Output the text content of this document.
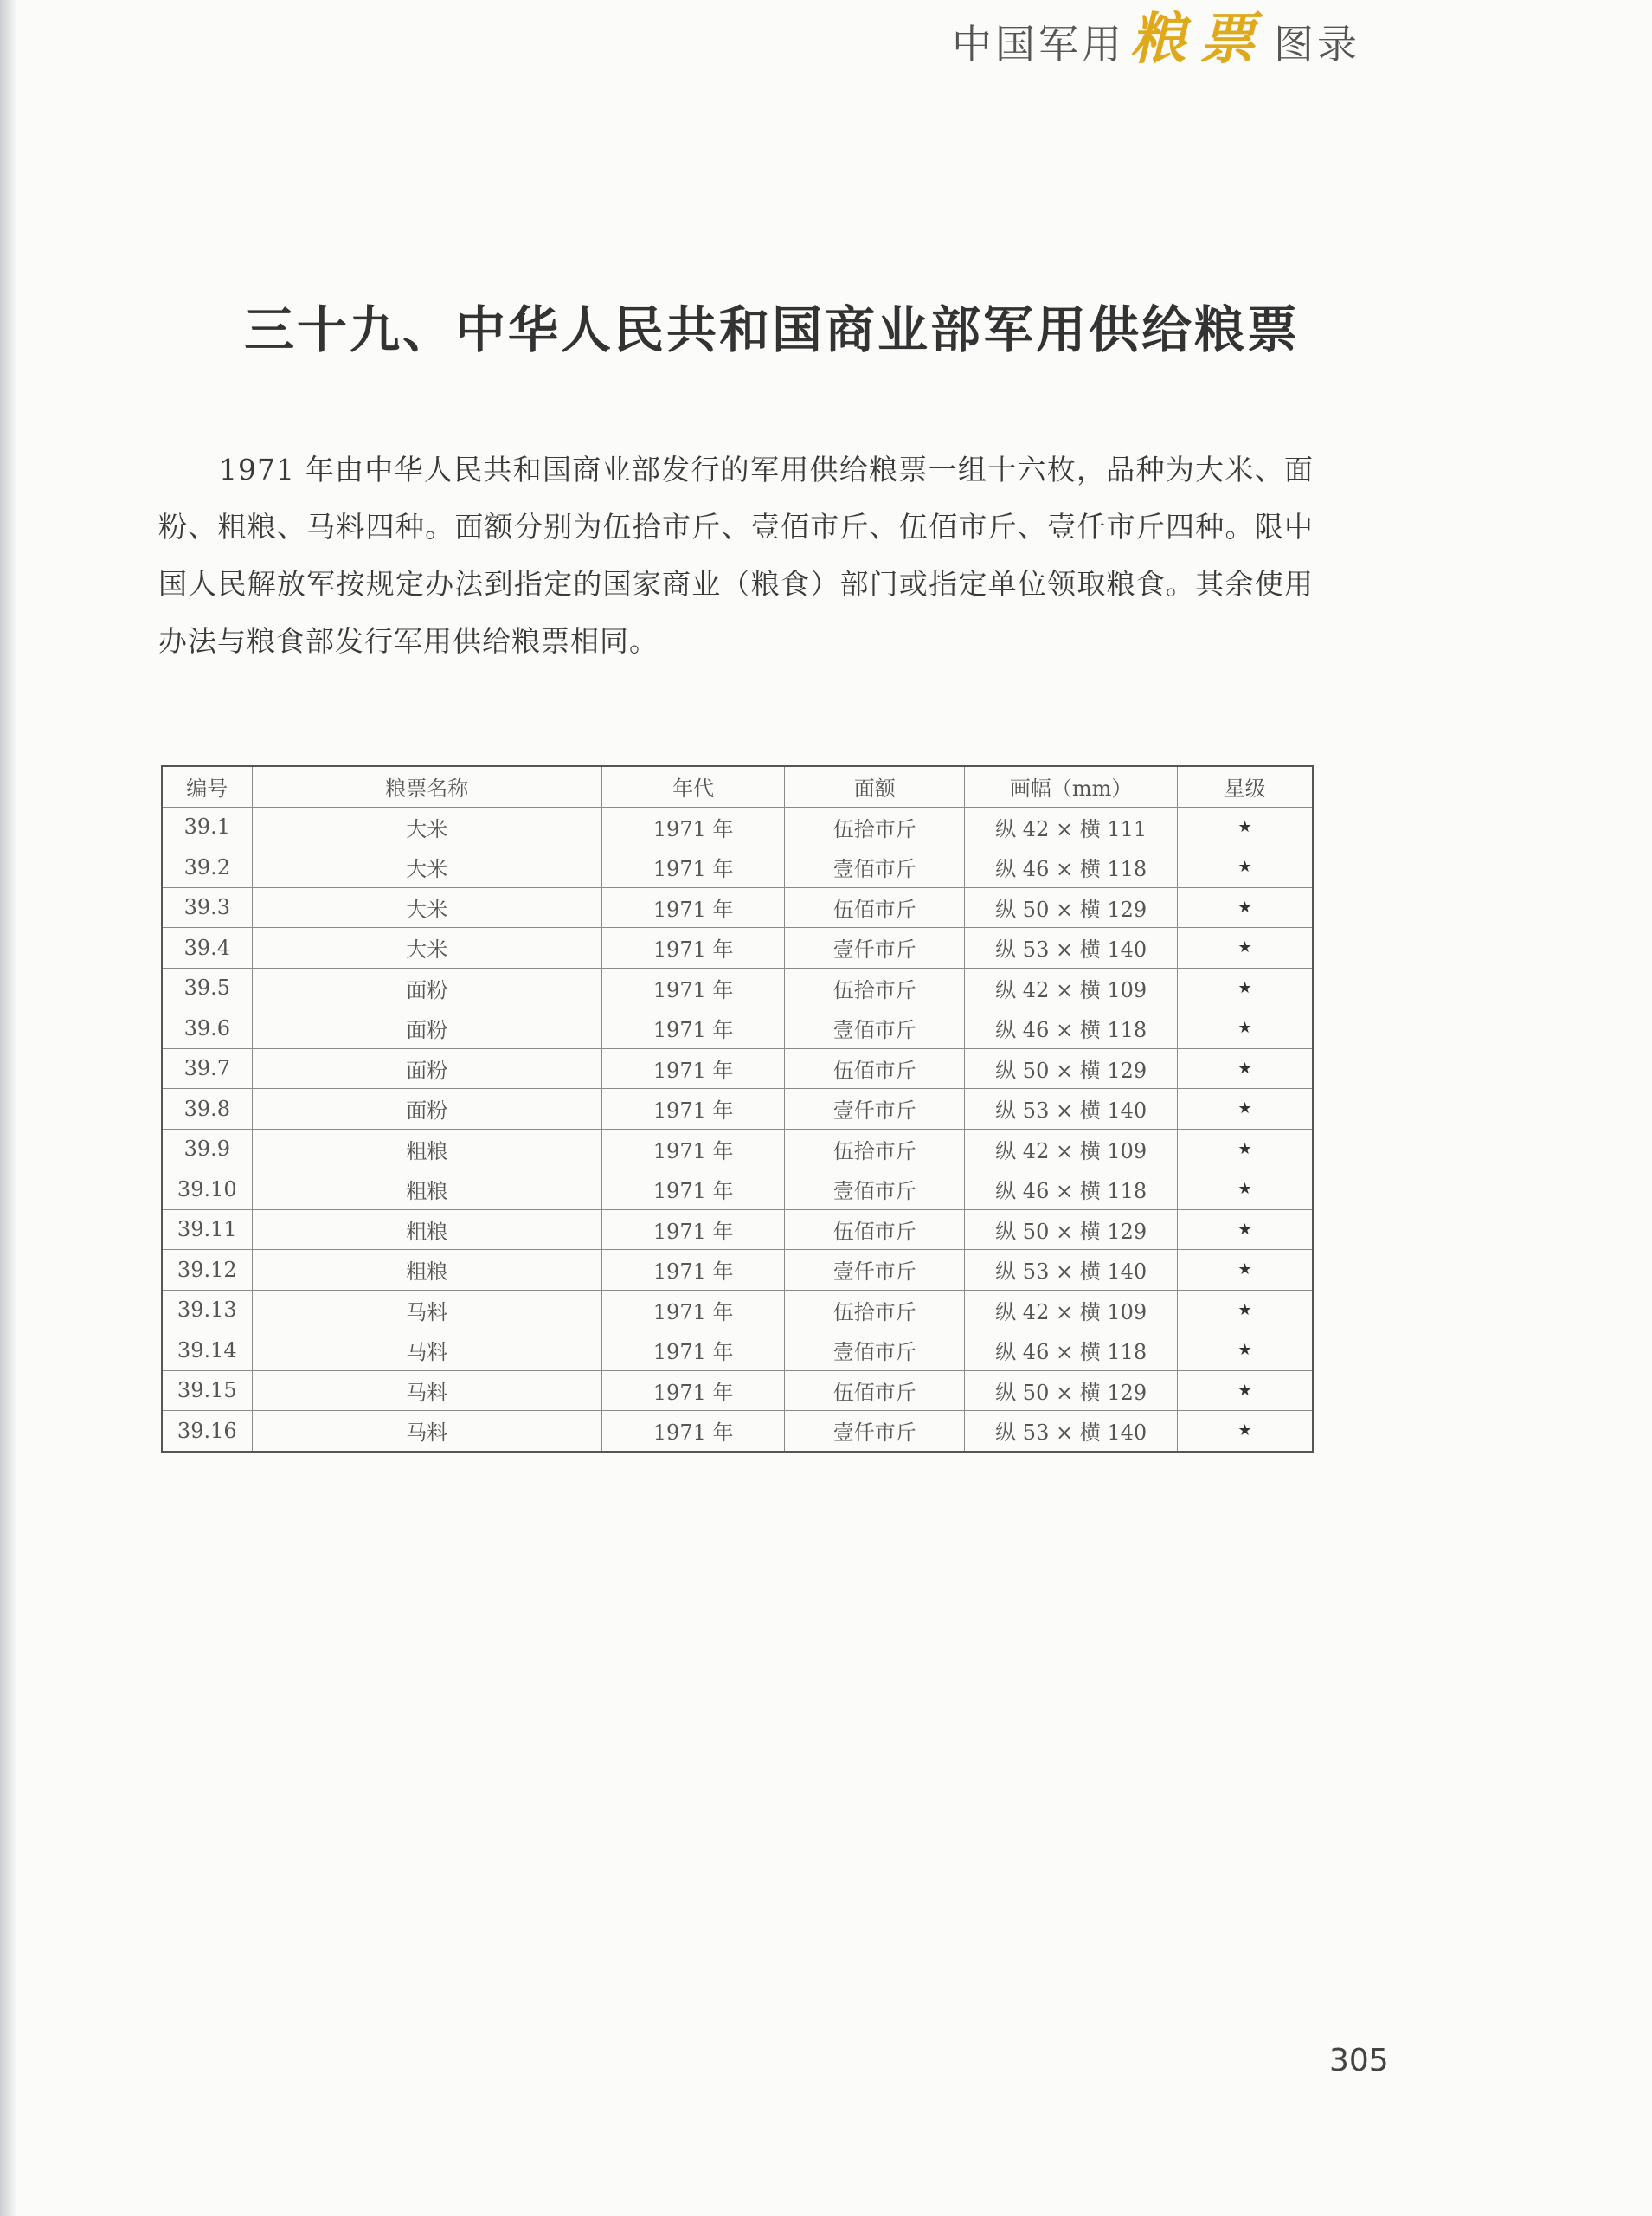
中国军用粮票 图录
三十九、中华人民共和国商业部军用供给粮票

1971 年由中华人民共和国商业部发行的军用供给粮票一组十六枚，品种为大米、面粉、粗粮、马料四种。面额分别为伍拾市斤、壹佰市斤、伍佰市斤、壹仟市斤四种。限中国人民解放军按规定办法到指定的国家商业（粮食）部门或指定单位领取粮食。其余使用办法与粮食部发行军用供给粮票相同。

编号	粮票名称	年代	面额	画幅（mm）	星级
39.1	大米	1971 年	伍拾市斤	纵 42 × 横 111	★
39.2	大米	1971 年	壹佰市斤	纵 46 × 横 118	★
39.3	大米	1971 年	伍佰市斤	纵 50 × 横 129	★
39.4	大米	1971 年	壹仟市斤	纵 53 × 横 140	★
39.5	面粉	1971 年	伍拾市斤	纵 42 × 横 109	★
39.6	面粉	1971 年	壹佰市斤	纵 46 × 横 118	★
39.7	面粉	1971 年	伍佰市斤	纵 50 × 横 129	★
39.8	面粉	1971 年	壹仟市斤	纵 53 × 横 140	★
39.9	粗粮	1971 年	伍拾市斤	纵 42 × 横 109	★
39.10	粗粮	1971 年	壹佰市斤	纵 46 × 横 118	★
39.11	粗粮	1971 年	伍佰市斤	纵 50 × 横 129	★
39.12	粗粮	1971 年	壹仟市斤	纵 53 × 横 140	★
39.13	马料	1971 年	伍拾市斤	纵 42 × 横 109	★
39.14	马料	1971 年	壹佰市斤	纵 46 × 横 118	★
39.15	马料	1971 年	伍佰市斤	纵 50 × 横 129	★
39.16	马料	1971 年	壹仟市斤	纵 53 × 横 140	★
305
